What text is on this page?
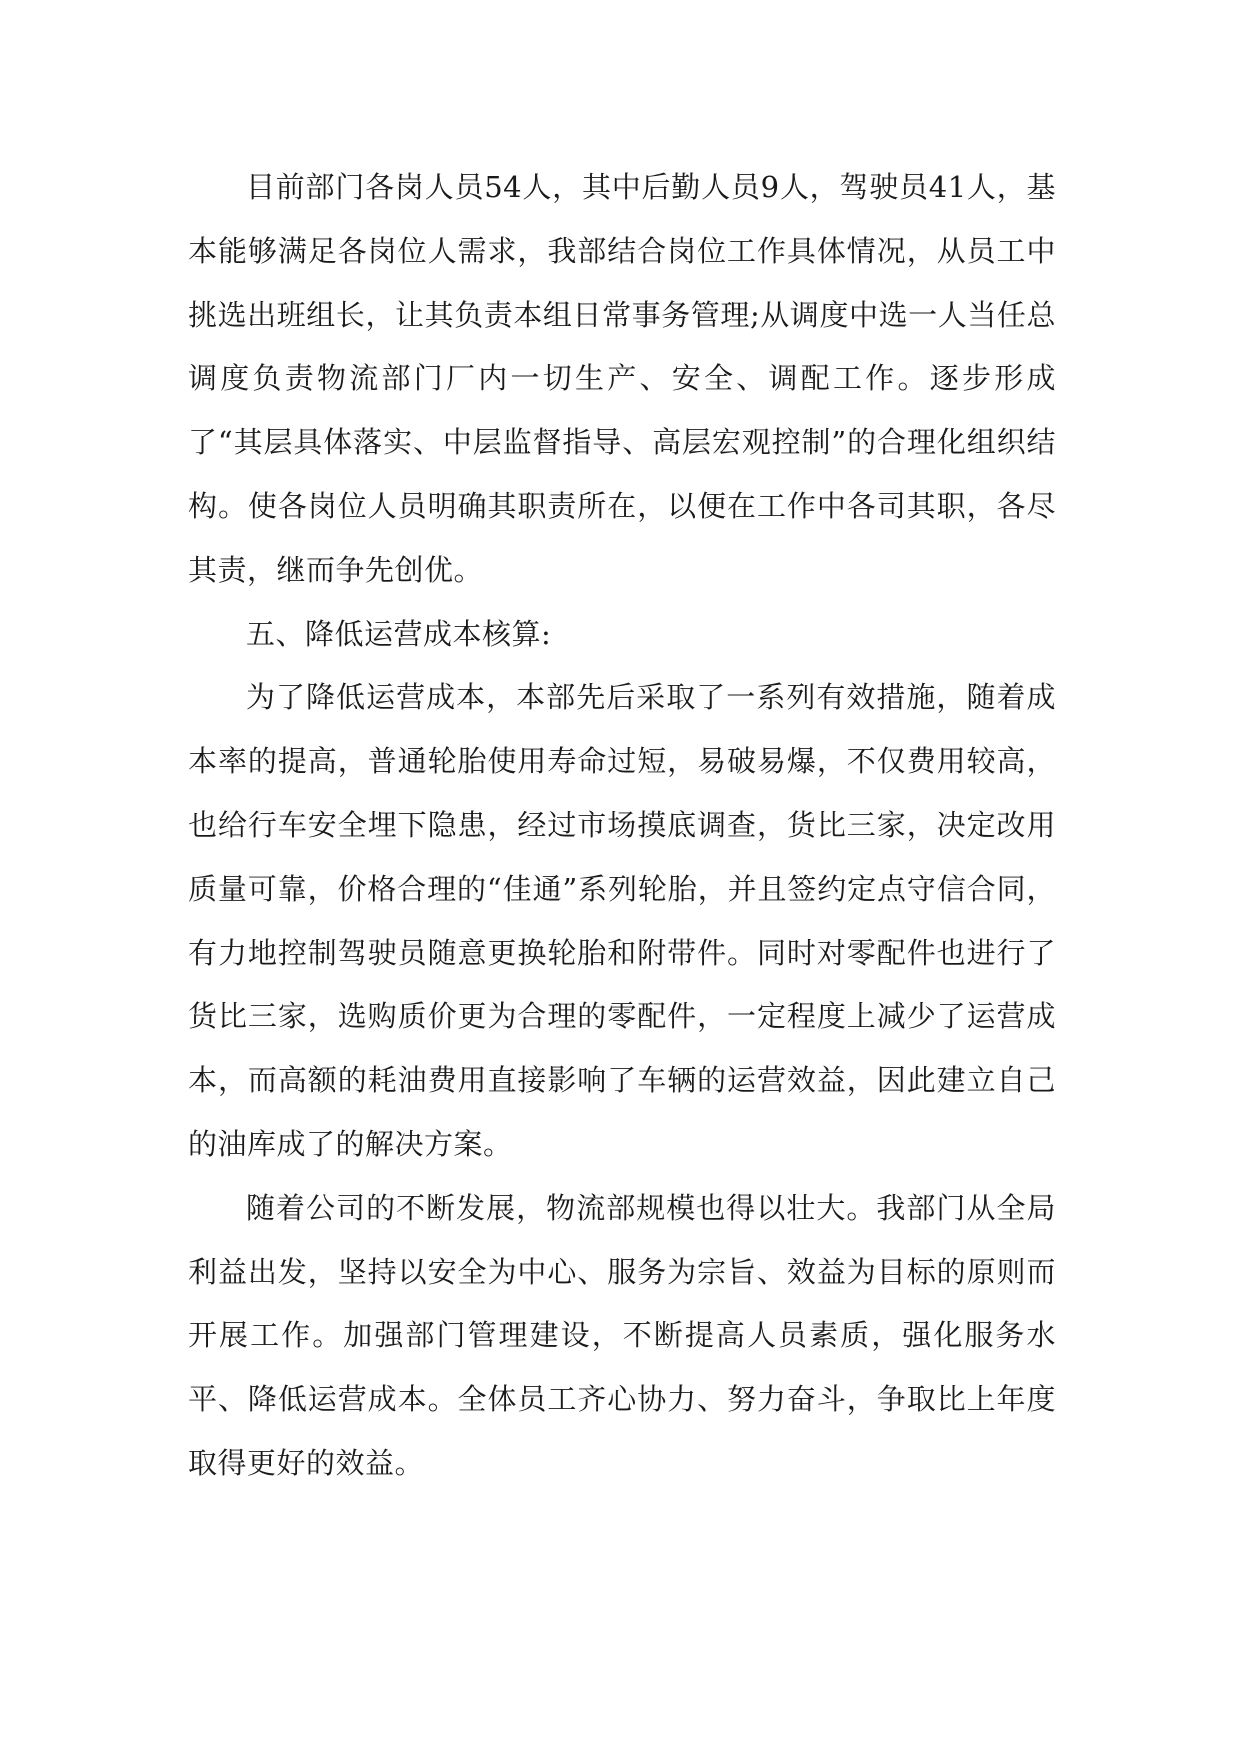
目前部门各岗人员54人，其中后勤人员9人，驾驶员41人，基本能够满足各岗位人需求，我部结合岗位工作具体情况，从员工中挑选出班组长，让其负责本组日常事务管理;从调度中选一人当任总调度负责物流部门厂内一切生产、安全、调配工作。逐步形成了“其层具体落实、中层监督指导、高层宏观控制”的合理化组织结构。使各岗位人员明确其职责所在，以便在工作中各司其职，各尽其责，继而争先创优。

五、降低运营成本核算:

为了降低运营成本，本部先后采取了一系列有效措施，随着成本率的提高，普通轮胎使用寿命过短，易破易爆，不仅费用较高，也给行车安全埋下隐患，经过市场摸底调查，货比三家，决定改用质量可靠，价格合理的“佳通”系列轮胎，并且签约定点守信合同，有力地控制驾驶员随意更换轮胎和附带件。同时对零配件也进行了货比三家，选购质价更为合理的零配件，一定程度上减少了运营成本，而高额的耗油费用直接影响了车辆的运营效益，因此建立自己的油库成了的解决方案。

随着公司的不断发展，物流部规模也得以壮大。我部门从全局利益出发，坚持以安全为中心、服务为宗旨、效益为目标的原则而开展工作。加强部门管理建设，不断提高人员素质，强化服务水平、降低运营成本。全体员工齐心协力、努力奋斗，争取比上年度取得更好的效益。
